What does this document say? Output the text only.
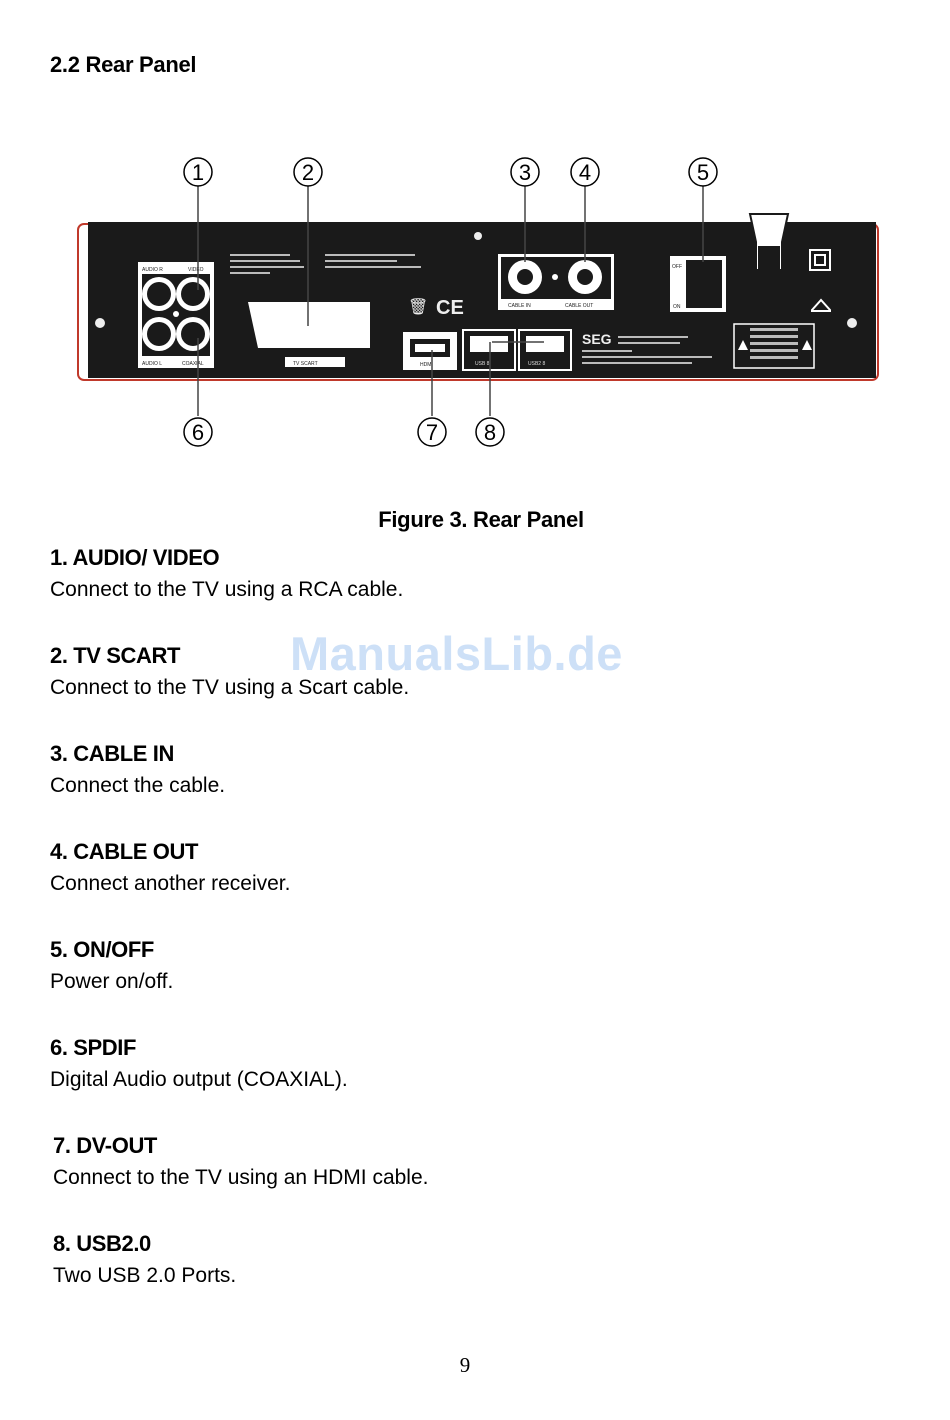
2.2 Rear Panel
AUDIO R	VIDEO
AUDIO L	COAXIAL	TV SCART
🗑 CE
HDMI	USB 8	USB2 8
CABLE IN	CABLE OUT
SEG
OFF
ON
1	2	3 4	5
6	7 8

Figure 3. Rear Panel

1. AUDIO/ VIDEO

Connect to the TV using a RCA cable.

2. TV SCART

Connect to the TV using a Scart cable.

3. CABLE IN

Connect the cable.

4. CABLE OUT

Connect another receiver.

5. ON/OFF

Power on/off.

6. SPDIF

Digital Audio output (COAXIAL).

7. DV-OUT

Connect to the TV using an HDMI cable.

8. USB2.0

Two USB 2.0 Ports.

ManualsLib.de
9
